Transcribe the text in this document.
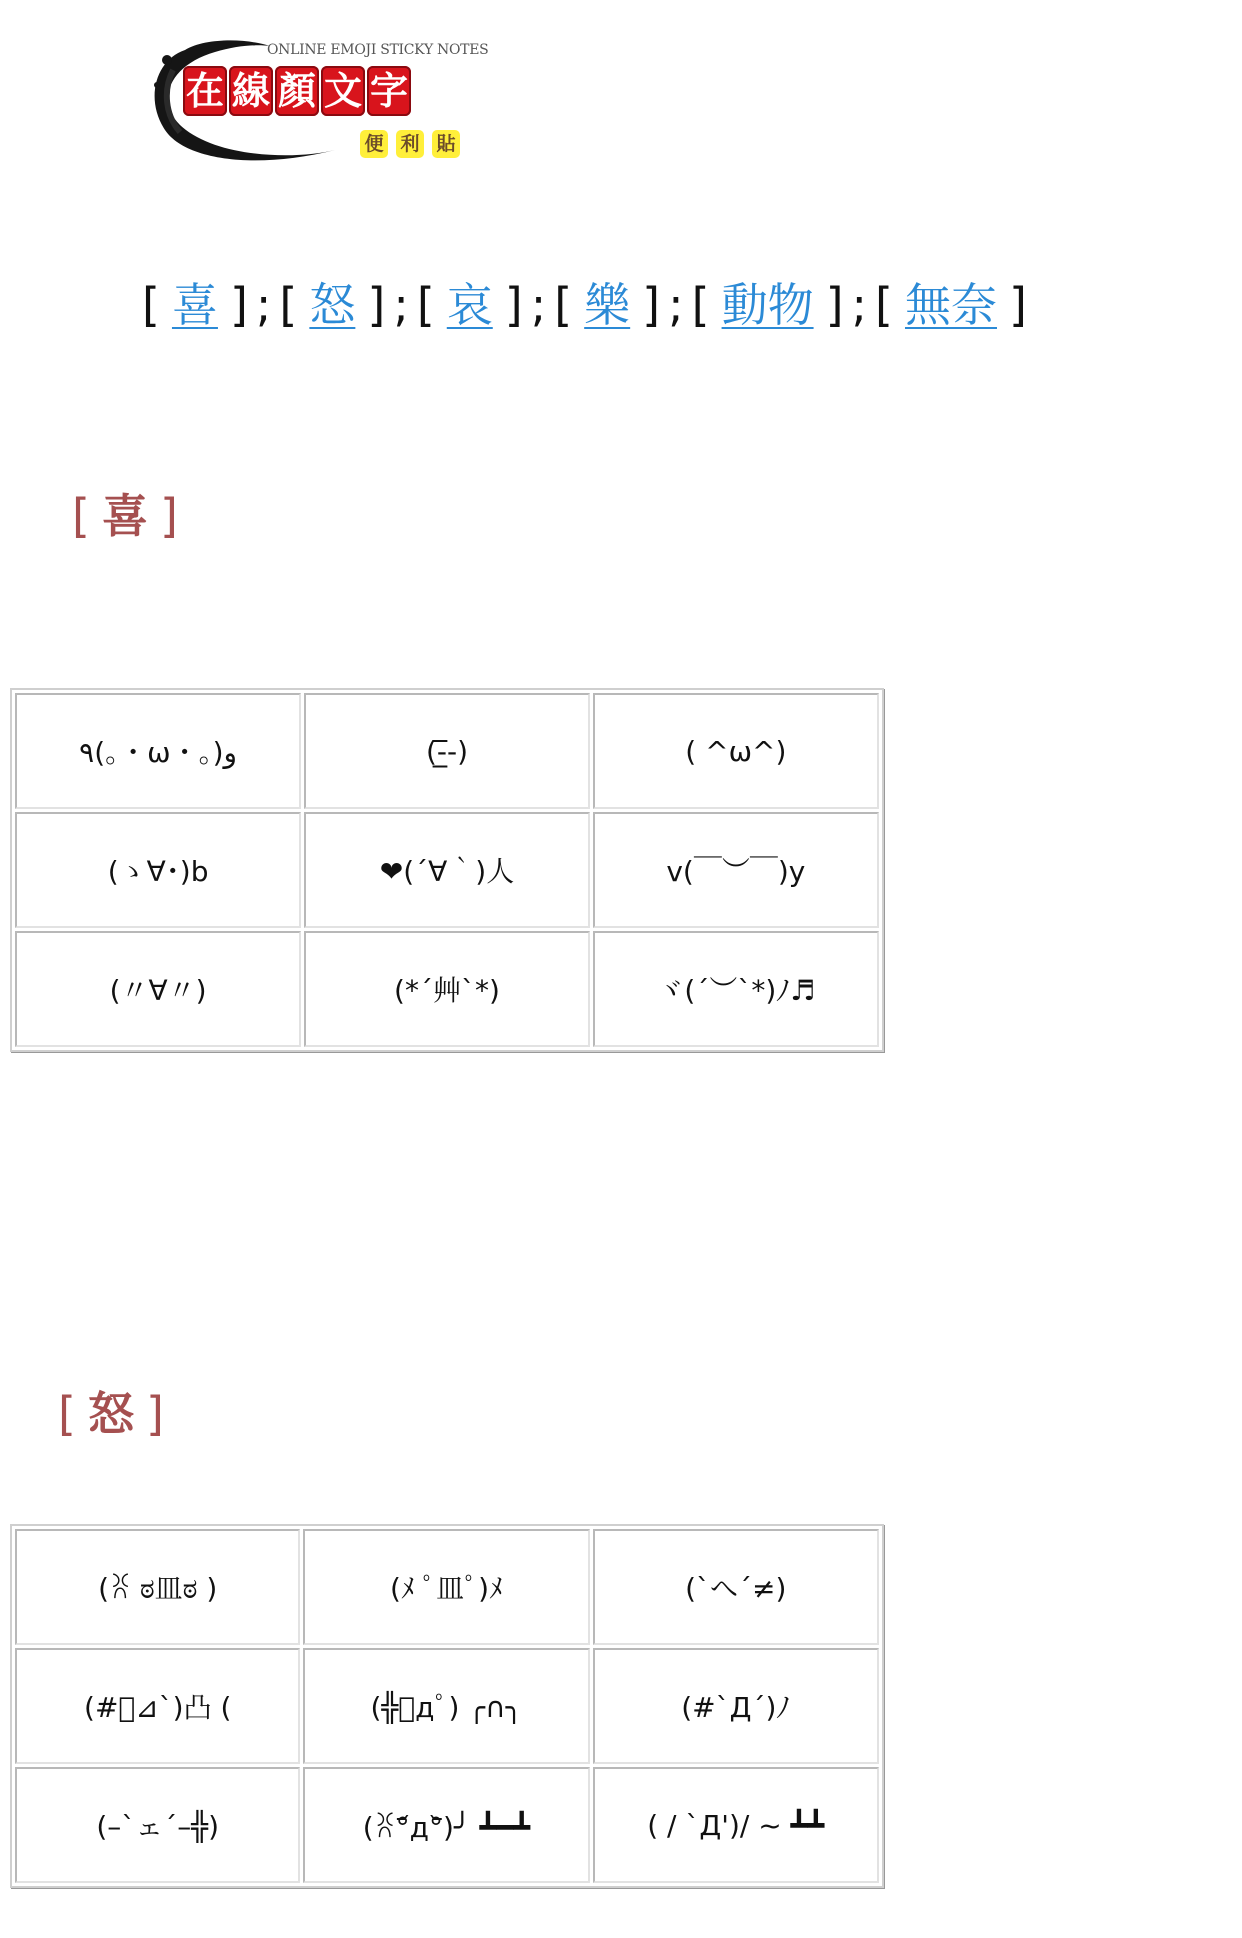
ONLINE EMOJI STICKY NOTES
在 線 顏 文 字
便 利 貼
[ 喜 ] ; [ 怒 ] ; [ 哀 ] ; [ 樂 ] ; [ 動物 ] ; [ 無奈 ]
[ 喜 ]
٩(｡・ω・｡)و	(-̲̲̅̅-)	( ^ω^)
(ゝ∀･)b	❤(´∀｀)人	v(￣︶￣)y
(〃∀〃)	(*´艸`*)	ヾ(´︶`*)ﾉ♬
[ 怒 ]
(ꐦ ಠ皿ಠ )	(ﾒ ﾟ皿ﾟ)ﾒ	(`へ´≠)
(#ﾟ⊿`)凸 (	(╬ﾟдﾟ) ╭∩╮	(#`Д´)ﾉ
(–`ェ´–╬)	(ꐦ°᷄д°᷅)╯ ┻━┻	( / `Д')/ ~ ┻┻
